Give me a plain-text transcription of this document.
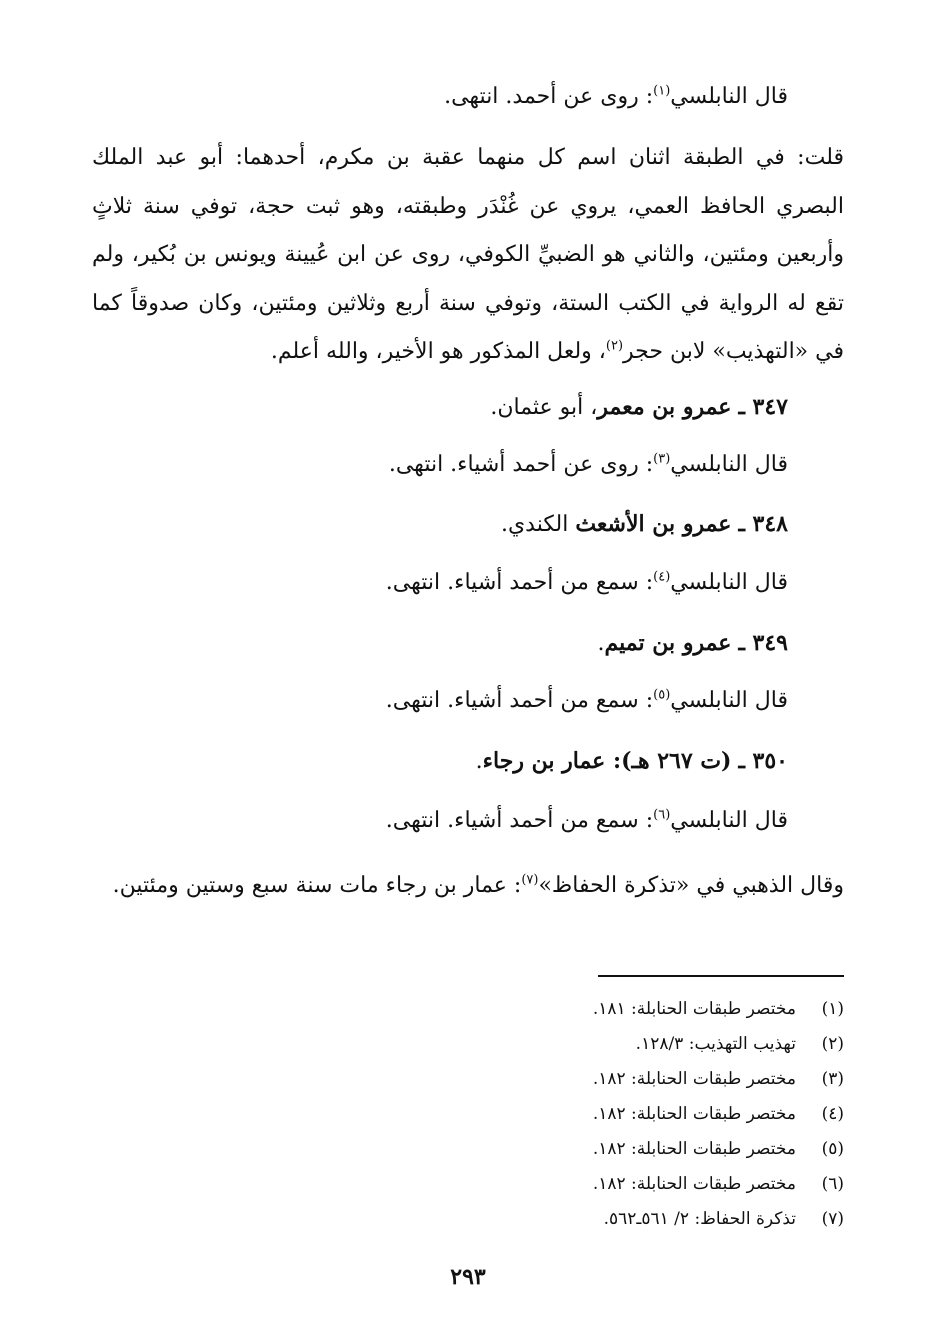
قال النابلسي$^{(١)}$: روى عن أحمد. انتهى.
قلت: في الطبقة اثنان اسم كل منهما عقبة بن مكرم، أحدهما: أبو عبد الملك البصري الحافظ العمي، يروي عن غُنْدَر وطبقته، وهو ثبت حجة، توفي سنة ثلاثٍ وأربعين ومئتين، والثاني هو الضبيِّ الكوفي، روى عن ابن عُيينة ويونس بن بُكير، ولم تقع له الرواية في الكتب الستة، وتوفي سنة أربع وثلاثين ومئتين، وكان صدوقاً كما في «التهذيب» لابن حجر$^{(٢)}$، ولعل المذكور هو الأخير، والله أعلم.
٣٤٧ ـ عمرو بن معمر، أبو عثمان.
قال النابلسي$^{(٣)}$: روى عن أحمد أشياء. انتهى.
٣٤٨ ـ عمرو بن الأشعث الكندي.
قال النابلسي$^{(٤)}$: سمع من أحمد أشياء. انتهى.
٣٤٩ ـ عمرو بن تميم.
قال النابلسي$^{(٥)}$: سمع من أحمد أشياء. انتهى.
٣٥٠ ـ (ت ٢٦٧ هـ): عمار بن رجاء.
قال النابلسي$^{(٦)}$: سمع من أحمد أشياء. انتهى.
وقال الذهبي في «تذكرة الحفاظ»$^{(٧)}$: عمار بن رجاء مات سنة سبع وستين ومئتين.
(١)مختصر طبقات الحنابلة: ١٨١.
(٢)تهذيب التهذيب: ١٢٨/٣.
(٣)مختصر طبقات الحنابلة: ١٨٢.
(٤)مختصر طبقات الحنابلة: ١٨٢.
(٥)مختصر طبقات الحنابلة: ١٨٢.
(٦)مختصر طبقات الحنابلة: ١٨٢.
(٧)تذكرة الحفاظ: ٢/ ٥٦١ـ٥٦٢.
٢٩٣
